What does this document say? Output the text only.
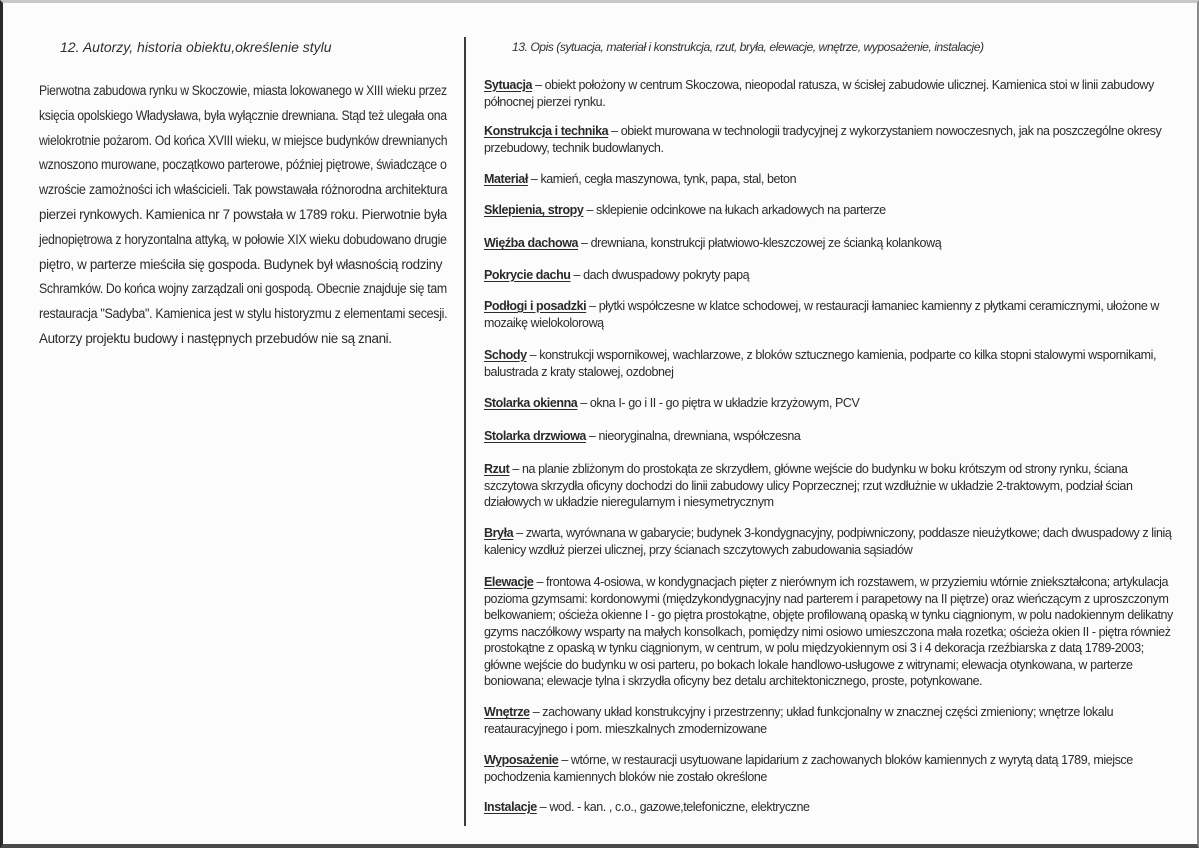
12. Autorzy, historia obiektu,określenie stylu
Pierwotna zabudowa rynku w Skoczowie, miasta lokowanego w XIII wieku przez
księcia opolskiego Władysława, była wyłącznie drewniana. Stąd też ulegała ona
wielokrotnie pożarom. Od końca XVIII wieku, w miejsce budynków drewnianych
wznoszono murowane, początkowo parterowe, później piętrowe, świadczące o
wzroście zamożności ich właścicieli. Tak powstawała różnorodna architektura
pierzei rynkowych. Kamienica nr 7 powstała w 1789 roku. Pierwotnie była
jednopiętrowa z horyzontalna attyką, w połowie XIX wieku dobudowano drugie
piętro, w parterze mieściła się gospoda. Budynek był własnością rodziny
Schramków. Do końca wojny zarządzali oni gospodą. Obecnie znajduje się tam
restauracja "Sadyba". Kamienica jest w stylu historyzmu z elementami secesji.
Autorzy projektu budowy i następnych przebudów nie są znani.
13. Opis (sytuacja, materiał i konstrukcja, rzut, bryła, elewacje, wnętrze, wyposażenie, instalacje)
Sytuacja – obiekt położony w centrum Skoczowa, nieopodal ratusza, w ścisłej zabudowie ulicznej. Kamienica stoi w linii zabudowy
północnej pierzei rynku.
Konstrukcja i technika – obiekt murowana w technologii tradycyjnej z wykorzystaniem nowoczesnych, jak na poszczególne okresy
przebudowy, technik budowlanych.
Materiał – kamień, cegła maszynowa, tynk, papa, stal, beton
Sklepienia, stropy – sklepienie odcinkowe na łukach arkadowych na parterze
Więźba dachowa – drewniana, konstrukcji płatwiowo-kleszczowej ze ścianką kolankową
Pokrycie dachu – dach dwuspadowy pokryty papą
Podłogi i posadzki – płytki współczesne w klatce schodowej, w restauracji łamaniec kamienny z płytkami ceramicznymi, ułożone w
mozaikę wielokolorową
Schody – konstrukcji wspornikowej, wachlarzowe, z bloków sztucznego kamienia, podparte co kilka stopni stalowymi wspornikami,
balustrada z kraty stalowej, ozdobnej
Stolarka okienna – okna I- go i II - go piętra w układzie krzyżowym, PCV
Stolarka drzwiowa – nieoryginalna, drewniana, współczesna
Rzut – na planie zbliżonym do prostokąta ze skrzydłem, główne wejście do budynku w boku krótszym od strony rynku, ściana
szczytowa skrzydła oficyny dochodzi do linii zabudowy ulicy Poprzecznej; rzut wzdłużnie w układzie 2-traktowym, podział ścian
działowych w układzie nieregularnym i niesymetrycznym
Bryła – zwarta, wyrównana w gabarycie; budynek 3-kondygnacyjny, podpiwniczony, poddasze nieużytkowe; dach dwuspadowy z linią
kalenicy wzdłuż pierzei ulicznej, przy ścianach szczytowych zabudowania sąsiadów
Elewacje – frontowa 4-osiowa, w kondygnacjach pięter z nierównym ich rozstawem, w przyziemiu wtórnie zniekształcona; artykulacja
pozioma gzymsami: kordonowymi (międzykondygnacyjny nad parterem i parapetowy na II piętrze) oraz wieńczącym z uproszczonym
belkowaniem; ościeża okienne I - go piętra prostokątne, objęte profilowaną opaską w tynku ciągnionym, w polu nadokiennym delikatny
gzyms naczółkowy wsparty na małych konsolkach, pomiędzy nimi osiowo umieszczona mała rozetka; ościeża okien II - piętra również
prostokątne z opaską w tynku ciągnionym, w centrum, w polu międzyokiennym osi 3 i 4 dekoracja rzeźbiarska z datą 1789-2003;
główne wejście do budynku w osi parteru, po bokach lokale handlowo-usługowe z witrynami; elewacja otynkowana, w parterze
boniowana; elewacje tylna i skrzydła oficyny bez detalu architektonicznego, proste, potynkowane.
Wnętrze – zachowany układ konstrukcyjny i przestrzenny; układ funkcjonalny w znacznej części zmieniony; wnętrze lokalu
reatauracyjnego i pom. mieszkalnych zmodernizowane
Wyposażenie – wtórne, w restauracji usytuowane lapidarium z zachowanych bloków kamiennych z wyrytą datą 1789, miejsce
pochodzenia kamiennych bloków nie zostało określone
Instalacje – wod. - kan. , c.o., gazowe,telefoniczne, elektryczne
